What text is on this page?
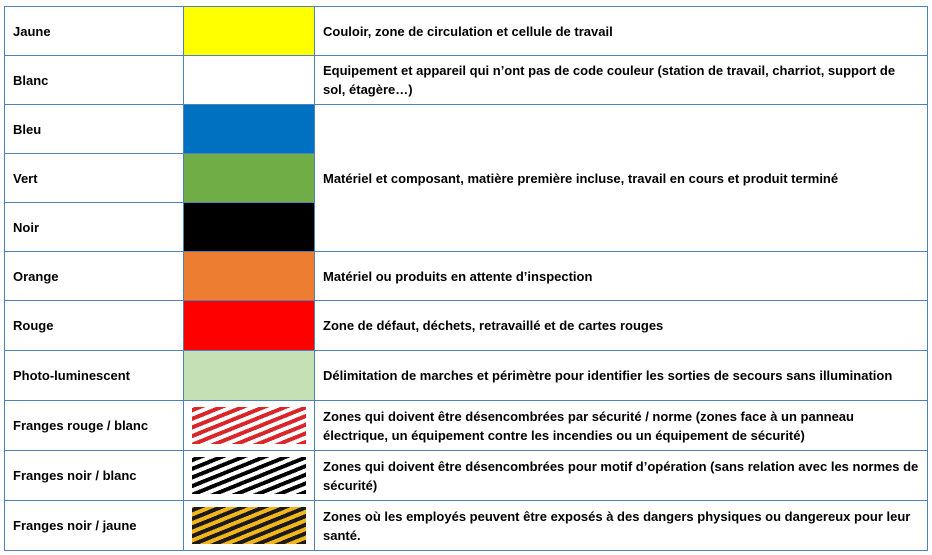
Jaune		Couloir, zone de circulation et cellule de travail
Blanc		Equipement et appareil qui n’ont pas de code couleur (station de travail, charriot, support de sol, étagère…)
Bleu		Matériel et composant, matière première incluse, travail en cours et produit terminé
Vert		

Noir		

Orange		Matériel ou produits en attente d’inspection
Rouge		Zone de défaut, déchets, retravaillé et de cartes rouges
Photo-luminescent		Délimitation de marches et périmètre pour identifier les sorties de secours sans illumination
Franges rouge / blanc		Zones qui doivent être désencombrées par sécurité / norme (zones face à un panneau électrique, un équipement contre les incendies ou un équipement de sécurité)
Franges noir / blanc		Zones qui doivent être désencombrées pour motif d’opération (sans relation avec les normes de sécurité)
Franges noir / jaune		Zones où les employés peuvent être exposés à des dangers physiques ou dangereux pour leur santé.
